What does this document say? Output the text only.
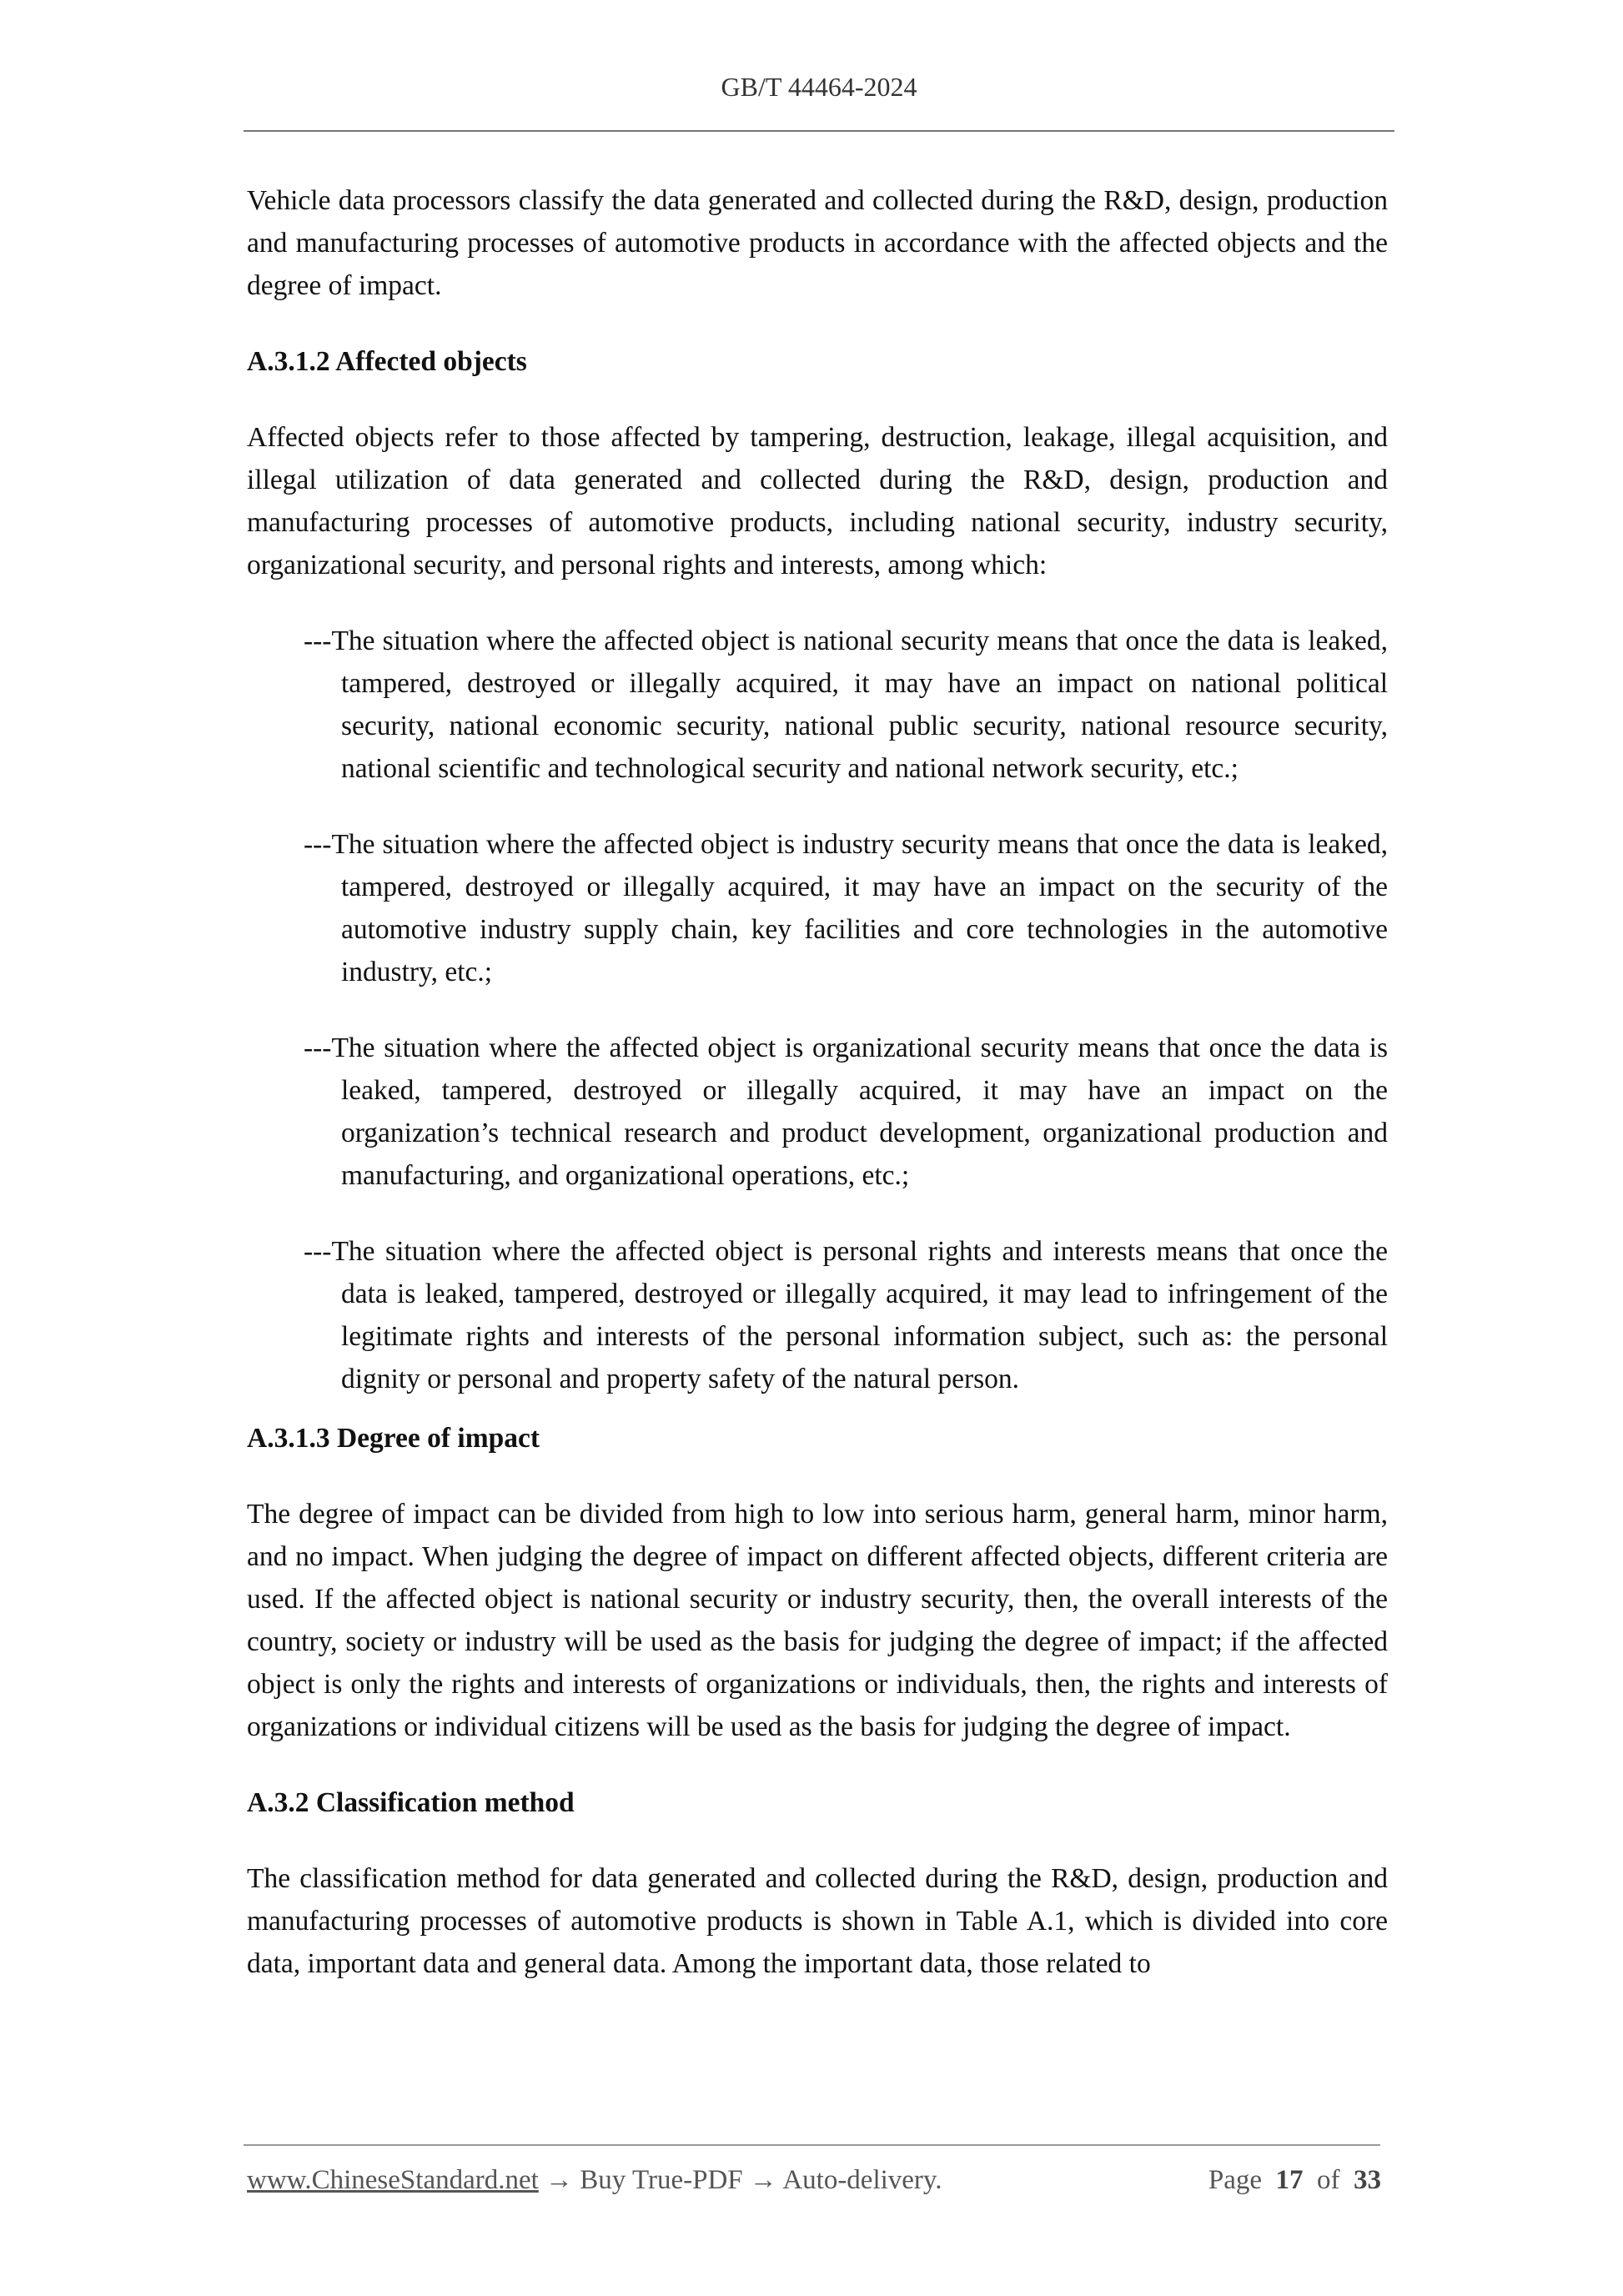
GB/T 44464-2024

Vehicle data processors classify the data generated and collected during the R&D, design, production and manufacturing processes of automotive products in accordance with the affected objects and the degree of impact.

A.3.1.2 Affected objects

Affected objects refer to those affected by tampering, destruction, leakage, illegal acquisition, and illegal utilization of data generated and collected during the R&D, design, production and manufacturing processes of automotive products, including national security, industry security, organizational security, and personal rights and interests, among which:

---The situation where the affected object is national security means that once the data is leaked, tampered, destroyed or illegally acquired, it may have an impact on national political security, national economic security, national public security, national resource security, national scientific and technological security and national network security, etc.;

---The situation where the affected object is industry security means that once the data is leaked, tampered, destroyed or illegally acquired, it may have an impact on the security of the automotive industry supply chain, key facilities and core technologies in the automotive industry, etc.;

---The situation where the affected object is organizational security means that once the data is leaked, tampered, destroyed or illegally acquired, it may have an impact on the organization’s technical research and product development, organizational production and manufacturing, and organizational operations, etc.;

---The situation where the affected object is personal rights and interests means that once the data is leaked, tampered, destroyed or illegally acquired, it may lead to infringement of the legitimate rights and interests of the personal information subject, such as: the personal dignity or personal and property safety of the natural person.

A.3.1.3 Degree of impact

The degree of impact can be divided from high to low into serious harm, general harm, minor harm, and no impact. When judging the degree of impact on different affected objects, different criteria are used. If the affected object is national security or industry security, then, the overall interests of the country, society or industry will be used as the basis for judging the degree of impact; if the affected object is only the rights and interests of organizations or individuals, then, the rights and interests of organizations or individual citizens will be used as the basis for judging the degree of impact.

A.3.2 Classification method

The classification method for data generated and collected during the R&D, design, production and manufacturing processes of automotive products is shown in Table A.1, which is divided into core data, important data and general data. Among the important data, those related to

www.ChineseStandard.net → Buy True-PDF → Auto-delivery.	Page 17 of 33
